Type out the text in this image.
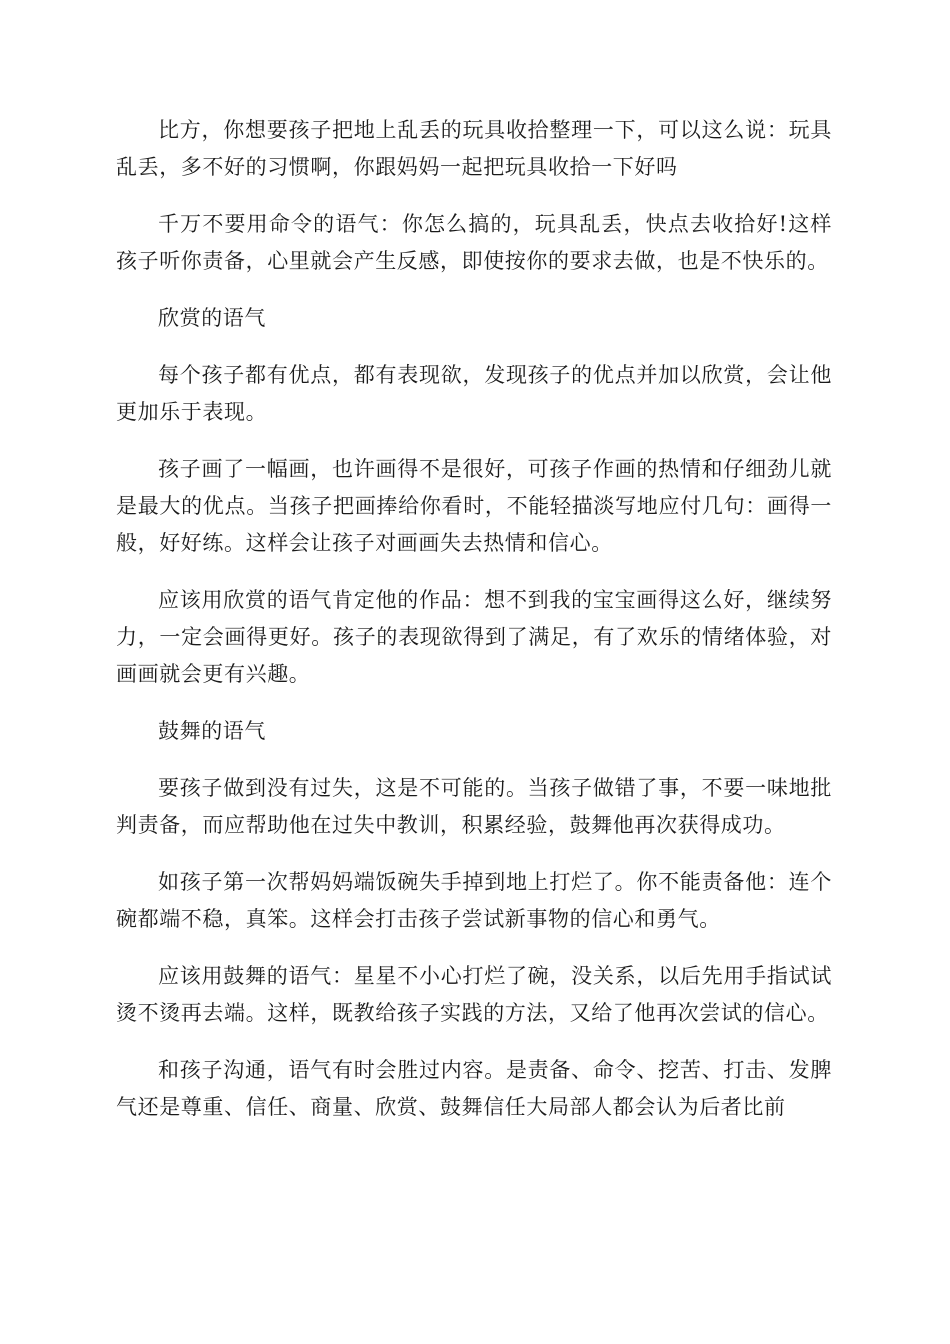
比方，你想要孩子把地上乱丢的玩具收拾整理一下，可以这么说：玩具乱丢，多不好的习惯啊，你跟妈妈一起把玩具收拾一下好吗

千万不要用命令的语气：你怎么搞的，玩具乱丢，快点去收拾好!这样孩子听你责备，心里就会产生反感，即使按你的要求去做，也是不快乐的。

欣赏的语气

每个孩子都有优点，都有表现欲，发现孩子的优点并加以欣赏，会让他更加乐于表现。

孩子画了一幅画，也许画得不是很好，可孩子作画的热情和仔细劲儿就是最大的优点。当孩子把画捧给你看时，不能轻描淡写地应付几句：画得一般，好好练。这样会让孩子对画画失去热情和信心。

应该用欣赏的语气肯定他的作品：想不到我的宝宝画得这么好，继续努力，一定会画得更好。孩子的表现欲得到了满足，有了欢乐的情绪体验，对画画就会更有兴趣。

鼓舞的语气

要孩子做到没有过失，这是不可能的。当孩子做错了事，不要一味地批判责备，而应帮助他在过失中教训，积累经验，鼓舞他再次获得成功。

如孩子第一次帮妈妈端饭碗失手掉到地上打烂了。你不能责备他：连个碗都端不稳，真笨。这样会打击孩子尝试新事物的信心和勇气。

应该用鼓舞的语气：星星不小心打烂了碗，没关系，以后先用手指试试烫不烫再去端。这样，既教给孩子实践的方法，又给了他再次尝试的信心。

和孩子沟通，语气有时会胜过内容。是责备、命令、挖苦、打击、发脾气还是尊重、信任、商量、欣赏、鼓舞信任大局部人都会认为后者比前
